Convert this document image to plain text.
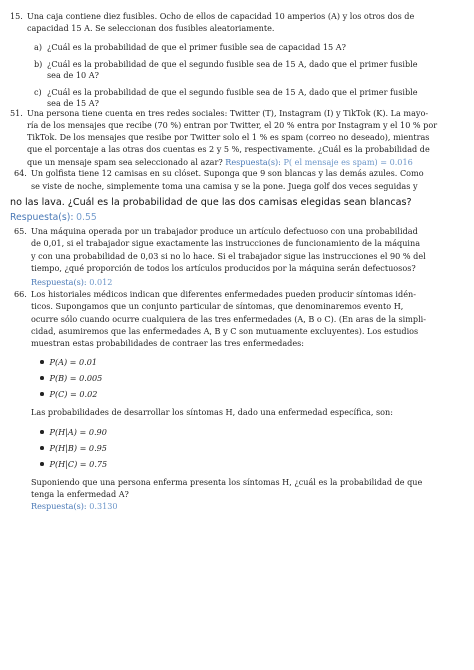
15. Una caja contiene diez fusibles. Ocho de ellos de capacidad 10 amperios (A) y los otros dos de
capacidad 15 A. Se seleccionan dos fusibles aleatoriamente.
a) ¿Cuál es la probabilidad de que el primer fusible sea de capacidad 15 A?
b) ¿Cuál es la probabilidad de que el segundo fusible sea de 15 A, dado que el primer fusible
sea de 10 A?
c) ¿Cuál es la probabilidad de que el segundo fusible sea de 15 A, dado que el primer fusible
sea de 15 A?
51. Una persona tiene cuenta en tres redes sociales: Twitter (T), Instagram (I) y TikTok (K). La mayo-
ría de los mensajes que recibe (70 %) entran por Twitter, el 20 % entra por Instagram y el 10 % por
TikTok. De los mensajes que resibe por Twitter solo el 1 % es spam (correo no deseado), mientras
que el porcentaje a las otras dos cuentas es 2 y 5 %, respectivamente. ¿Cuál es la probabilidad de
que un mensaje spam sea seleccionado al azar? Respuesta(s): P( el mensaje es spam) = 0.016
64. Un golfista tiene 12 camisas en su clóset. Suponga que 9 son blancas y las demás azules. Como
se viste de noche, simplemente toma una camisa y se la pone. Juega golf dos veces seguidas y
no las lava. ¿Cuál es la probabilidad de que las dos camisas elegidas sean blancas?
Respuesta(s): 0.55
65. Una máquina operada por un trabajador produce un artículo defectuoso con una probabilidad
de 0,01, si el trabajador sigue exactamente las instrucciones de funcionamiento de la máquina
y con una probabilidad de 0,03 si no lo hace. Si el trabajador sigue las instrucciones el 90 % del
tiempo, ¿qué proporción de todos los artículos producidos por la máquina serán defectuosos?
Respuesta(s): 0.012
66. Los historiales médicos indican que diferentes enfermedades pueden producir síntomas idén-
ticos. Supongamos que un conjunto particular de síntomas, que denominaremos evento H,
ocurre sólo cuando ocurre cualquiera de las tres enfermedades (A, B o C). (En aras de la simpli-
cidad, asumiremos que las enfermedades A, B y C son mutuamente excluyentes). Los estudios
muestran estas probabilidades de contraer las tres enfermedades:
P(A) = 0.01
P(B) = 0.005
P(C) = 0.02
Las probabilidades de desarrollar los síntomas H, dado una enfermedad específica, son:
P(H|A) = 0.90
P(H|B) = 0.95
P(H|C) = 0.75
Suponiendo que una persona enferma presenta los síntomas H, ¿cuál es la probabilidad de que
tenga la enfermedad A?
Respuesta(s): 0.3130
